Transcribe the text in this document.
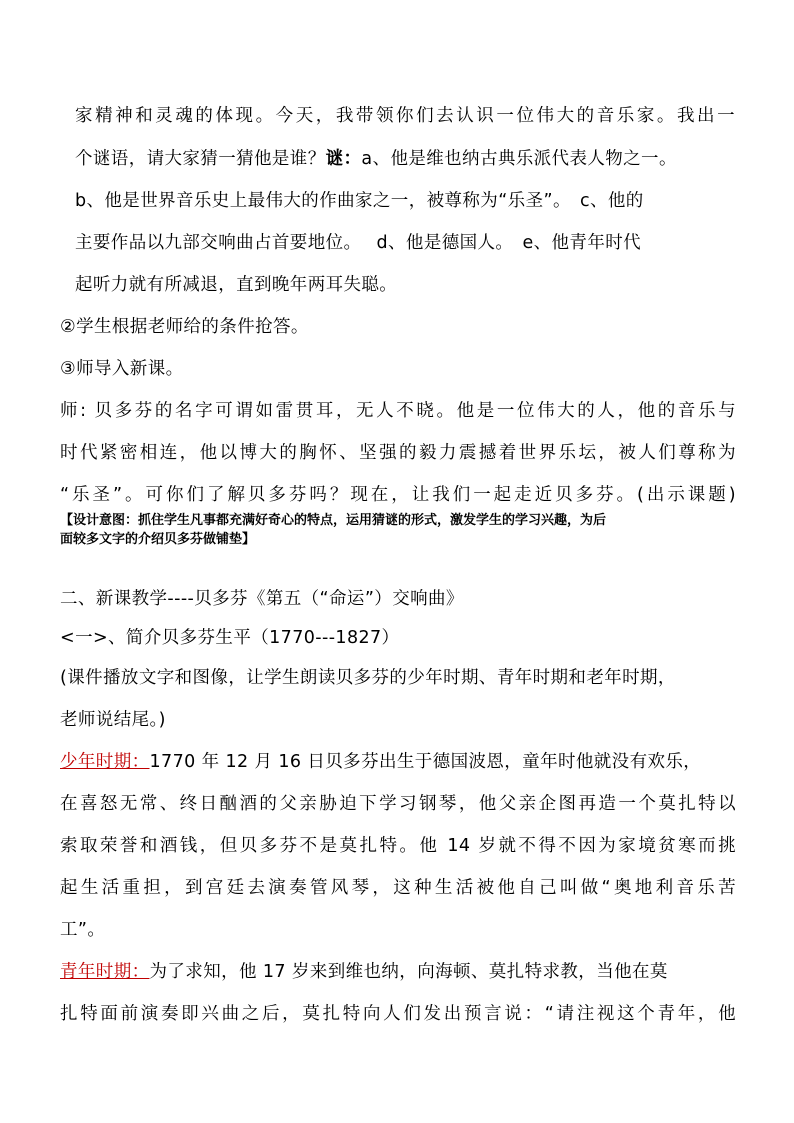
家精神和灵魂的体现。今天，我带领你们去认识一位伟大的音乐家。我出一
个谜语，请大家猜一猜他是谁？谜：a、他是维也纳古典乐派代表人物之一。
b、他是世界音乐史上最伟大的作曲家之一，被尊称为“乐圣”。　c、他的
主要作品以九部交响曲占首要地位。　 d、他是德国人。　e、他青年时代
起听力就有所减退，直到晚年两耳失聪。
②学生根据老师给的条件抢答。
③师导入新课。
师: 贝多芬的名字可谓如雷贯耳，无人不晓。他是一位伟大的人，他的音乐与
时代紧密相连，他以博大的胸怀、坚强的毅力震撼着世界乐坛，被人们尊称为
“乐圣”。可你们了解贝多芬吗？现在，让我们一起走近贝多芬。(出示课题)
【设计意图：抓住学生凡事都充满好奇心的特点，运用猜谜的形式，激发学生的学习兴趣，为后
面较多文字的介绍贝多芬做铺垫】
二、新课教学----贝多芬《第五（“命运”）交响曲》
<一>、简介贝多芬生平（1770---1827）
(课件播放文字和图像，让学生朗读贝多芬的少年时期、青年时期和老年时期，
老师说结尾。)
少年时期：1770 年 12 月 16 日贝多芬出生于德国波恩，童年时他就没有欢乐，
在喜怒无常、终日酗酒的父亲胁迫下学习钢琴，他父亲企图再造一个莫扎特以
索取荣誉和酒钱，但贝多芬不是莫扎特。他 14 岁就不得不因为家境贫寒而挑
起生活重担，到宫廷去演奏管风琴，这种生活被他自己叫做“奥地利音乐苦
工”。
青年时期：为了求知，他 17 岁来到维也纳，向海顿、莫扎特求教，当他在莫
扎特面前演奏即兴曲之后，莫扎特向人们发出预言说：“请注视这个青年，他
